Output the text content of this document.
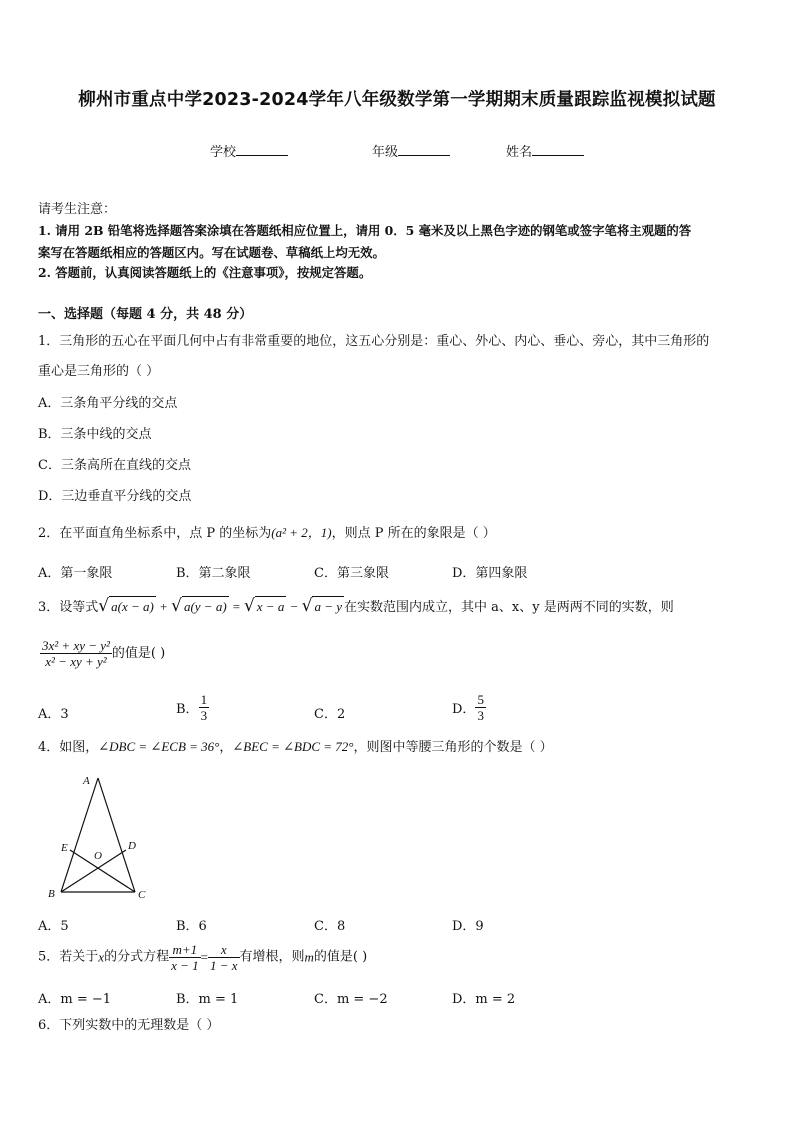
柳州市重点中学2023-2024学年八年级数学第一学期期末质量跟踪监视模拟试题
学校	年级	姓名
请考生注意：
1. 请用 2B 铅笔将选择题答案涂填在答题纸相应位置上，请用 0．5 毫米及以上黑色字迹的钢笔或签字笔将主观题的答
案写在答题纸相应的答题区内。写在试题卷、草稿纸上均无效。
2. 答题前，认真阅读答题纸上的《注意事项》，按规定答题。
一、选择题（每题 4 分，共 48 分）
1．三角形的五心在平面几何中占有非常重要的地位，这五心分别是：重心、外心、内心、垂心、旁心，其中三角形的
重心是三角形的（ ）
A．三条角平分线的交点
B．三条中线的交点
C．三条高所在直线的交点
D．三边垂直平分线的交点
2．在平面直角坐标系中，点 P 的坐标为(a² + 2，1)，则点 P 所在的象限是（ ）
A．第一象限	B．第二象限	C．第三象限	D．第四象限
3．设等式√ a(x − a) + √ a(y − a) = √ x − a − √ a − y 在实数范围内成立，其中 a、x、y 是两两不同的实数，则
$\frac{\text{3x² + xy − y²}}{\text{x² − xy + y²}}$ 的值是( )
A．3	B． $\frac{1}{3}$	C．2	D． $\frac{5}{3}$
4．如图，∠DBC = ∠ECB = 36°，∠BEC = ∠BDC = 72°，则图中等腰三角形的个数是（ ）
A
B	C
D
E
O
A．5	B．6	C．8	D．9
5．若关于x的分式方程 $\frac{m+1}{x - 1} = \frac{x}{1 - x}$ 有增根，则m的值是( )
A．m = −1	B．m = 1	C．m = −2	D．m = 2
6．下列实数中的无理数是（ ）
